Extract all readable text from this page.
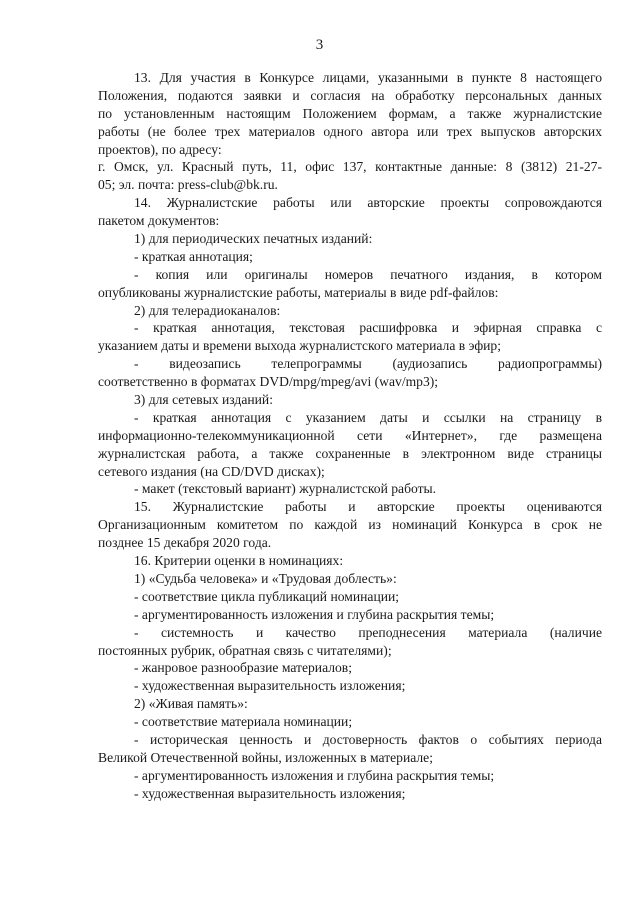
3
13. Для участия в Конкурсе лицами, указанными в пункте 8 настоящего
Положения, подаются заявки и согласия на обработку персональных данных
по установленным настоящим Положением формам, а также журналистские
работы (не более трех материалов одного автора или трех выпусков авторских
проектов), по адресу:
г. Омск, ул. Красный путь, 11, офис 137, контактные данные: 8 (3812) 21-27-
05; эл. почта: press-club@bk.ru.
14. Журналистские работы или авторские проекты сопровождаются
пакетом документов:
1) для периодических печатных изданий:
- краткая аннотация;
- копия или оригиналы номеров печатного издания, в котором
опубликованы журналистские работы, материалы в виде pdf-файлов:
2) для телерадиоканалов:
- краткая аннотация, текстовая расшифровка и эфирная справка с
указанием даты и времени выхода журналистского материала в эфир;
- видеозапись телепрограммы (аудиозапись радиопрограммы)
соответственно в форматах DVD/mpg/mpeg/avi (wav/mp3);
3) для сетевых изданий:
- краткая аннотация с указанием даты и ссылки на страницу в
информационно-телекоммуникационной сети «Интернет», где размещена
журналистская работа, а также сохраненные в электронном виде страницы
сетевого издания (на CD/DVD дисках);
- макет (текстовый вариант) журналистской работы.
15. Журналистские работы и авторские проекты оцениваются
Организационным комитетом по каждой из номинаций Конкурса в срок не
позднее 15 декабря 2020 года.
16. Критерии оценки в номинациях:
1) «Судьба человека» и «Трудовая доблесть»:
- соответствие цикла публикаций номинации;
- аргументированность изложения и глубина раскрытия темы;
- системность и качество преподнесения материала (наличие
постоянных рубрик, обратная связь с читателями);
- жанровое разнообразие материалов;
- художественная выразительность изложения;
2) «Живая память»:
- соответствие материала номинации;
- историческая ценность и достоверность фактов о событиях периода
Великой Отечественной войны, изложенных в материале;
- аргументированность изложения и глубина раскрытия темы;
- художественная выразительность изложения;
